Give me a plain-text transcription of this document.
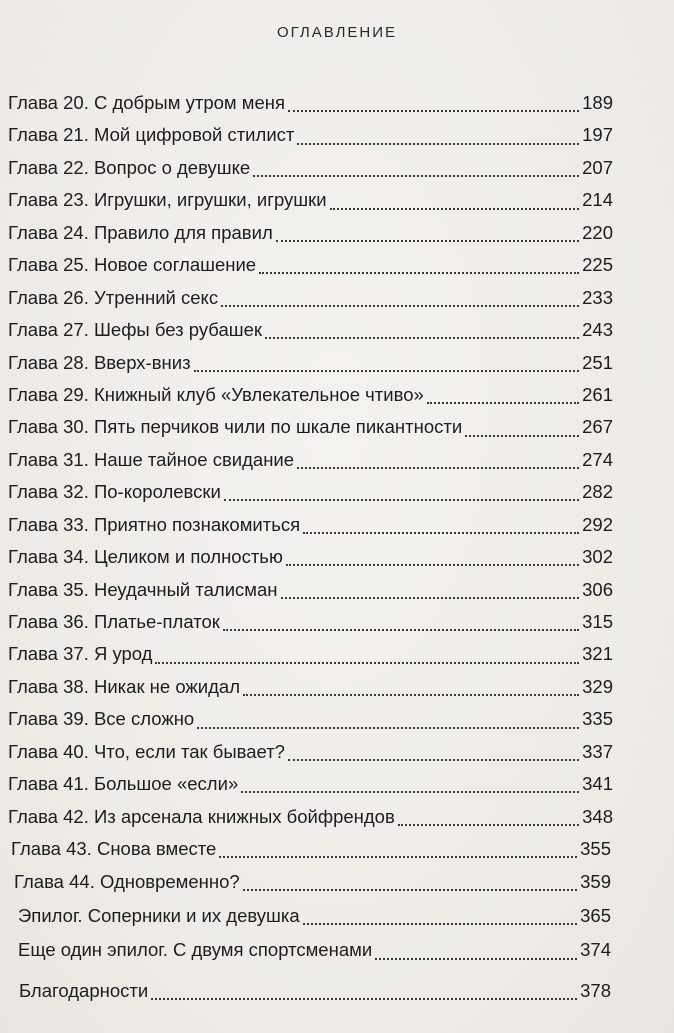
ОГЛАВЛЕНИЕ
Глава 20. С добрым утром меня	189
Глава 21. Мой цифровой стилист	197
Глава 22. Вопрос о девушке	207
Глава 23. Игрушки, игрушки, игрушки	214
Глава 24. Правило для правил	220
Глава 25. Новое соглашение	225
Глава 26. Утренний секс	233
Глава 27. Шефы без рубашек	243
Глава 28. Вверх-вниз	251
Глава 29. Книжный клуб «Увлекательное чтиво»	261
Глава 30. Пять перчиков чили по шкале пикантности	267
Глава 31. Наше тайное свидание	274
Глава 32. По-королевски	282
Глава 33. Приятно познакомиться	292
Глава 34. Целиком и полностью	302
Глава 35. Неудачный талисман	306
Глава 36. Платье-платок	315
Глава 37. Я урод	321
Глава 38. Никак не ожидал	329
Глава 39. Все сложно	335
Глава 40. Что, если так бывает?	337
Глава 41. Большое «если»	341
Глава 42. Из арсенала книжных бойфрендов	348
Глава 43. Снова вместе	355
Глава 44. Одновременно?	359
Эпилог. Соперники и их девушка	365
Еще один эпилог. С двумя спортсменами	374
Благодарности	378
